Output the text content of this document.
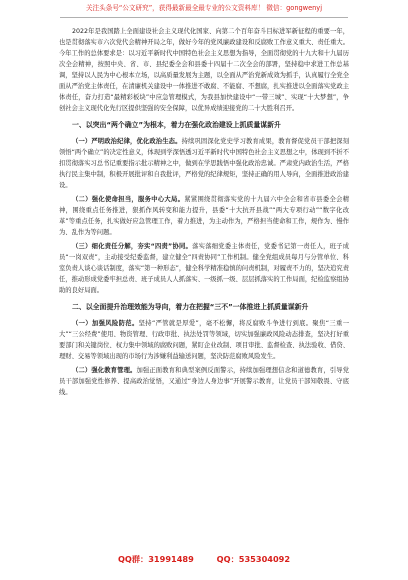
关注头条号“公文研究”，获得最新最全最专业的公文资料库！ 微信：gongwenyj

2022年是我国踏上全面建设社会主义现代化国家、向第二个百年奋斗目标进军新征程的重要一年，也是贯彻落实市六次党代会精神开局之年，做好今年的党风廉政建设和反腐败工作意义重大、责任重大。今年工作的总体要求是：以习近平新时代中国特色社会主义思想为指导，全面贯彻党的十九大和十九届历次全会精神，按照中央、省、市、县纪委全会和县委十四届十二次全会的部署，坚持稳中求进工作总基调，坚持以人民为中心根本立场，以高质量发展为主题，以全面从严治党新成效为抓手，认真履行全党全面从严治党主体责任，在清廉机关建设中一体推进不敢腐、不能腐、不想腐，扎实推进以全面落实党政主体责任，奋力打造“最精彩板块”中应急管理模式，为我县加快建设中“一带三城”、实现“十大梦想”，争创社会主义现代化先行区提供坚强的安全保障，以优异成绩迎接党的二十大胜利召开。

一、以突出“两个确立”为根本，着力在强化政治建设上抓质量谋新升

（一）严明政治纪律，优化政治生态。持续巩固深化党史学习教育成果，教育督促党员干部把深刻领悟“两个确立”的决定性意义，体现到学深悟透习近平新时代中国特色社会主义思想之中，体现到不折不扣贯彻落实习总书记重要指示批示精神之中，做到在学思践悟中强化政治忠诚。严肃党内政治生活，严格执行民主集中制，积极开展批评和自我批评，严格党的纪律规矩，坚持正确的用人导向，全面推进政治建设。

（二）强化使命担当，服务中心大局。紧紧围绕贯彻落实党的十九届六中全会和省市县委全会精神，围绕重点任务推进，狠抓作风转变和能力提升，县委“十大抗开县战”“两大专项行动”“数字化改革”等重点任务，扎实做好应急管理工作，着力推进，为主动作为，严格担当使命和工作，规作为、慢作为、乱作为等问题。

（三）细化责任分解，夯实“四责”协同。落实落细党委主体责任，党委书记第一责任人，班子成员“一岗双责”，主动接受纪委监督，建立健全“四责协同”工作机制。健全党组成员每月与分管单位、科室负责人谈心谈话制度，落实“第一种形态”，健全科学精准稳慎的问责机制，对履责不力的，坚决追究责任，推动形成党委牢担总责、班子成员人人抓落实、一级抓一级、层层抓落实的工作局面，纪检监察组协助的良好局面。

二、以全面提升治理效能为导向，着力在把握“三不”一体推进上抓质量谋新升

（一）加强风险防范。坚持“严管就是厚爱”，毫不松懈，将反腐败斗争进行到底。聚焦“三重一大”“三公经费”使用、物资管理、行政审批、执法处罚等领域，切实加强廉政风险动态排查，坚决打好重要部门和关键岗位、权力集中领域的腐败问题，紧盯企业改制、项目审批、监督检查、执法验收、借贷、理财、交易等领域出现的市场行为涉嫌利益输送问题，坚决防范腐败风险发生。

（二）强化教育管理。加强正面教育和典型案例反面警示，持续加强理想信念和道德教育，引导党员干部加强党性修养、提高政治觉悟，又通过“身边人身边事”开展警示教育，让党员干部知敬畏、守底线。

QQ群：31991489	QQ：535304092
